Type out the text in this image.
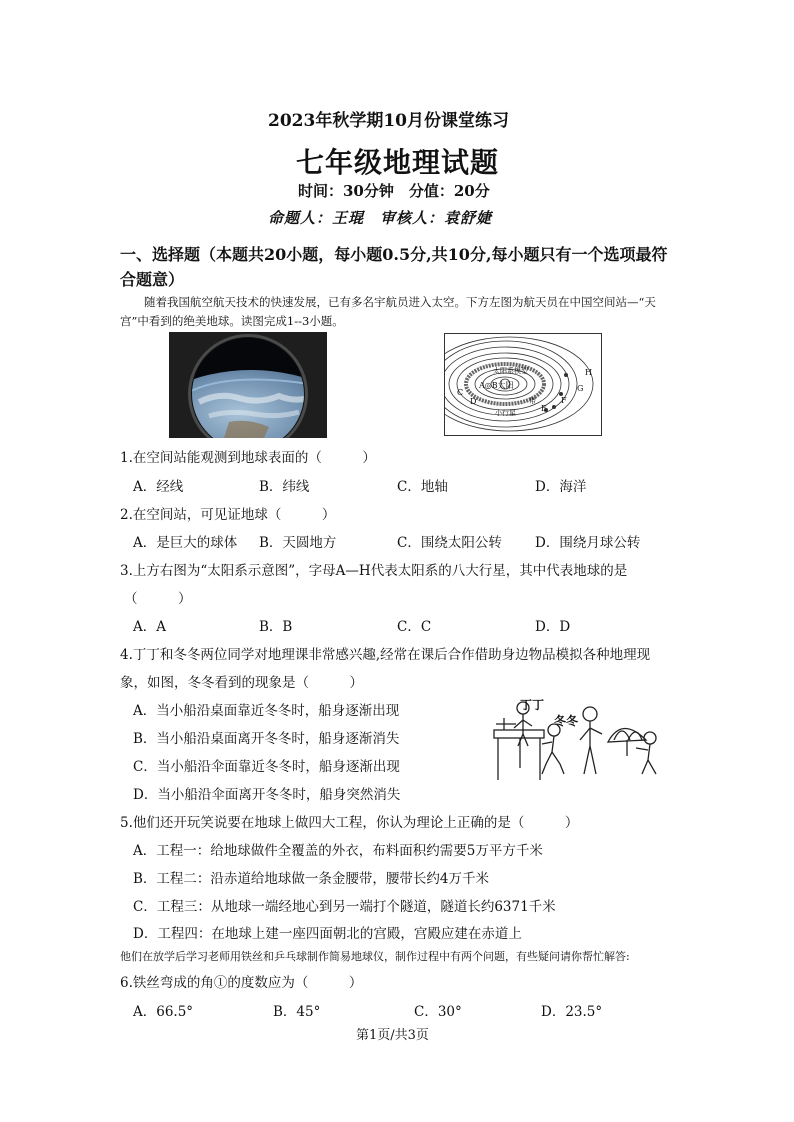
2023年秋学期10月份课堂练习
七年级地理试题
时间：30分钟　分值：20分
命题人：王琨　审核人：袁舒婕
一、选择题（本题共20小题，每小题0.5分,共10分,每小题只有一个选项最符
合题意）
随着我国航空航天技术的快速发展，已有多名宇航员进入太空。下方左图为航天员在中国空间站—“天
宫”中看到的绝美地球。读图完成1--3小题。
A◎B太阳
太阳系模型
C
D
E
F
G
H
小行星
带
1.在空间站能观测到地球表面的（　　　）
A．经线	B．纬线	C．地轴	D．海洋
2.在空间站，可见证地球（　　　）
A．是巨大的球体 B．天圆地方	C．围绕太阳公转 D．围绕月球公转
3.上方右图为“太阳系示意图”，字母A—H代表太阳系的八大行星，其中代表地球的是
（　　　）
A．A	B．B	C．C	D．D
4.丁丁和冬冬两位同学对地理课非常感兴趣,经常在课后合作借助身边物品模拟各种地理现
象，如图，冬冬看到的现象是（　　　）
A．当小船沿桌面靠近冬冬时，船身逐渐出现
B．当小船沿桌面离开冬冬时，船身逐渐消失
C．当小船沿伞面靠近冬冬时，船身逐渐出现
D．当小船沿伞面离开冬冬时，船身突然消失
丁丁
冬冬
5.他们还开玩笑说要在地球上做四大工程，你认为理论上正确的是（　　　）
A．工程一：给地球做件全覆盖的外衣，布料面积约需要5万平方千米
B．工程二：沿赤道给地球做一条金腰带，腰带长约4万千米
C．工程三：从地球一端经地心到另一端打个隧道，隧道长约6371千米
D．工程四：在地球上建一座四面朝北的宫殿，宫殿应建在赤道上
他们在放学后学习老师用铁丝和乒乓球制作简易地球仪，制作过程中有两个问题，有些疑问请你帮忙解答:
6.铁丝弯成的角①的度数应为（　　　）
A．66.5°	B．45°	C．30°	D．23.5°
第1页/共3页
